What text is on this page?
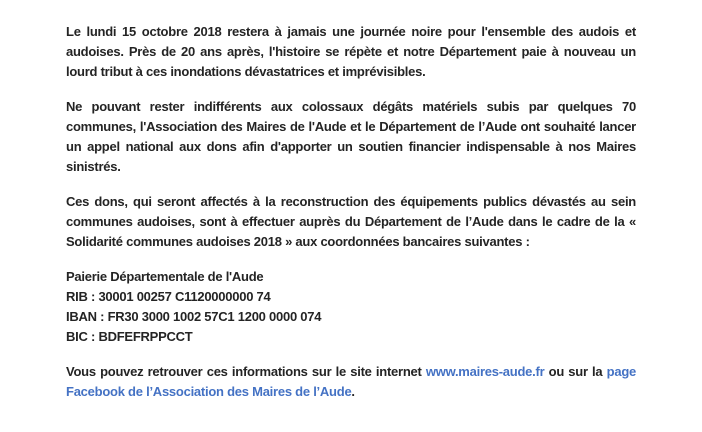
Le lundi 15 octobre 2018 restera à jamais une journée noire pour l'ensemble des audois et audoises. Près de 20 ans après, l'histoire se répète et notre Département paie à nouveau un lourd tribut à ces inondations dévastatrices et imprévisibles.

Ne pouvant rester indifférents aux colossaux dégâts matériels subis par quelques 70 communes, l'Association des Maires de l'Aude et le Département de l’Aude ont souhaité lancer un appel national aux dons afin d'apporter un soutien financier indispensable à nos Maires sinistrés.

Ces dons, qui seront affectés à la reconstruction des équipements publics dévastés au sein communes audoises, sont à effectuer auprès du Département de l’Aude dans le cadre de la « Solidarité communes audoises 2018 » aux coordonnées bancaires suivantes :

Paierie Départementale de l'Aude

RIB : 30001 00257 C1120000000 74

IBAN : FR30 3000 1002 57C1 1200 0000 074

BIC : BDFEFRPPCCT

Vous pouvez retrouver ces informations sur le site internet www.maires-aude.fr ou sur la page Facebook de l’Association des Maires de l’Aude.
